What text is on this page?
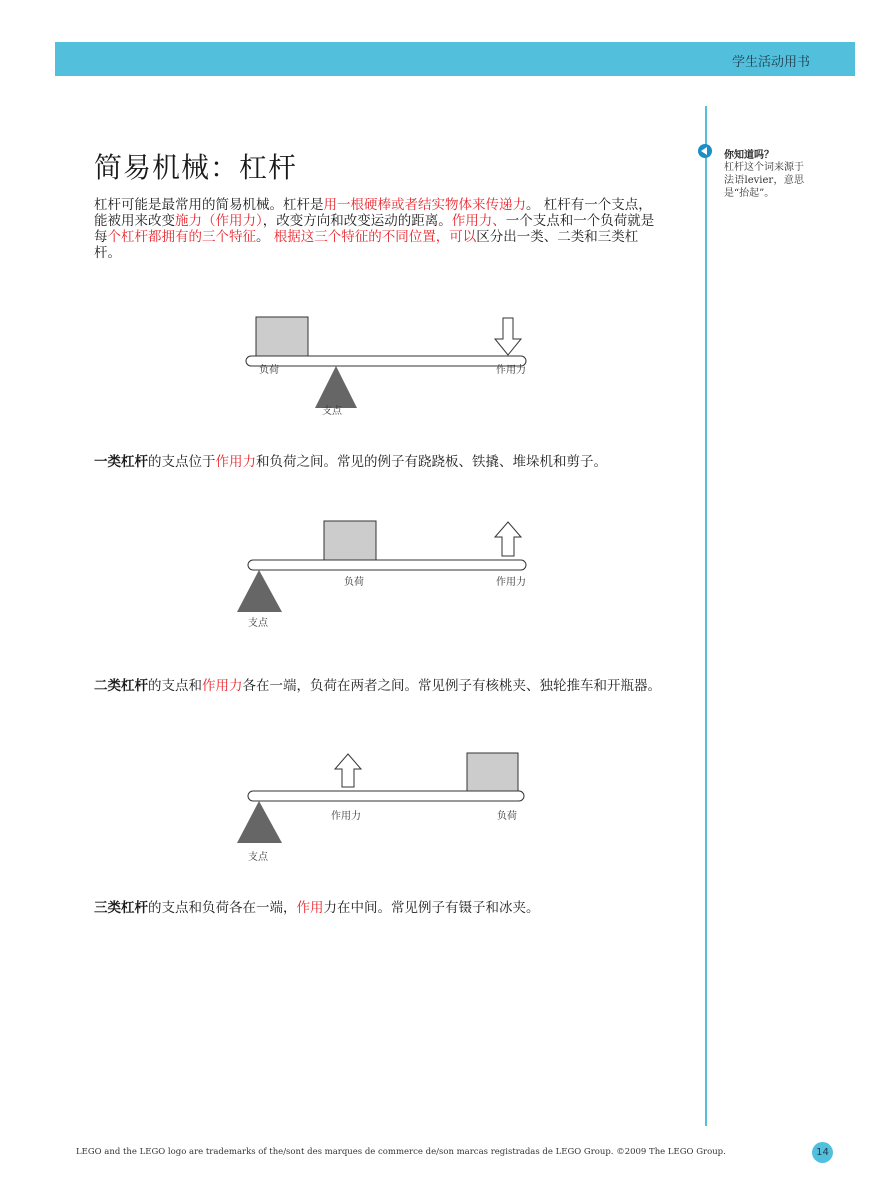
学生活动用书
你知道吗？
杠杆这个词来源于法语levier，意思是“抬起”。
简易机械：杠杆

杠杆可能是最常用的简易机械。杠杆是用一根硬棒或者结实物体来传递力。 杠杆有一个支点，能被用来改变施力（作用力），改变方向和改变运动的距离。作用力、一个支点和一个负荷就是每个杠杆都拥有的三个特征。 根据这三个特征的不同位置，可以区分出一类、二类和三类杠杆。

负荷	作用力
支点

一类杠杆的支点位于作用力和负荷之间。常见的例子有跷跷板、铁撬、堆垛机和剪子。

负荷	作用力
支点

二类杠杆的支点和作用力各在一端，负荷在两者之间。常见例子有核桃夹、独轮推车和开瓶器。

作用力	负荷
支点

三类杠杆的支点和负荷各在一端，作用力在中间。常见例子有镊子和冰夹。

LEGO and the LEGO logo are trademarks of the/sont des marques de commerce de/son marcas registradas de LEGO Group. ©2009 The LEGO Group.	14
